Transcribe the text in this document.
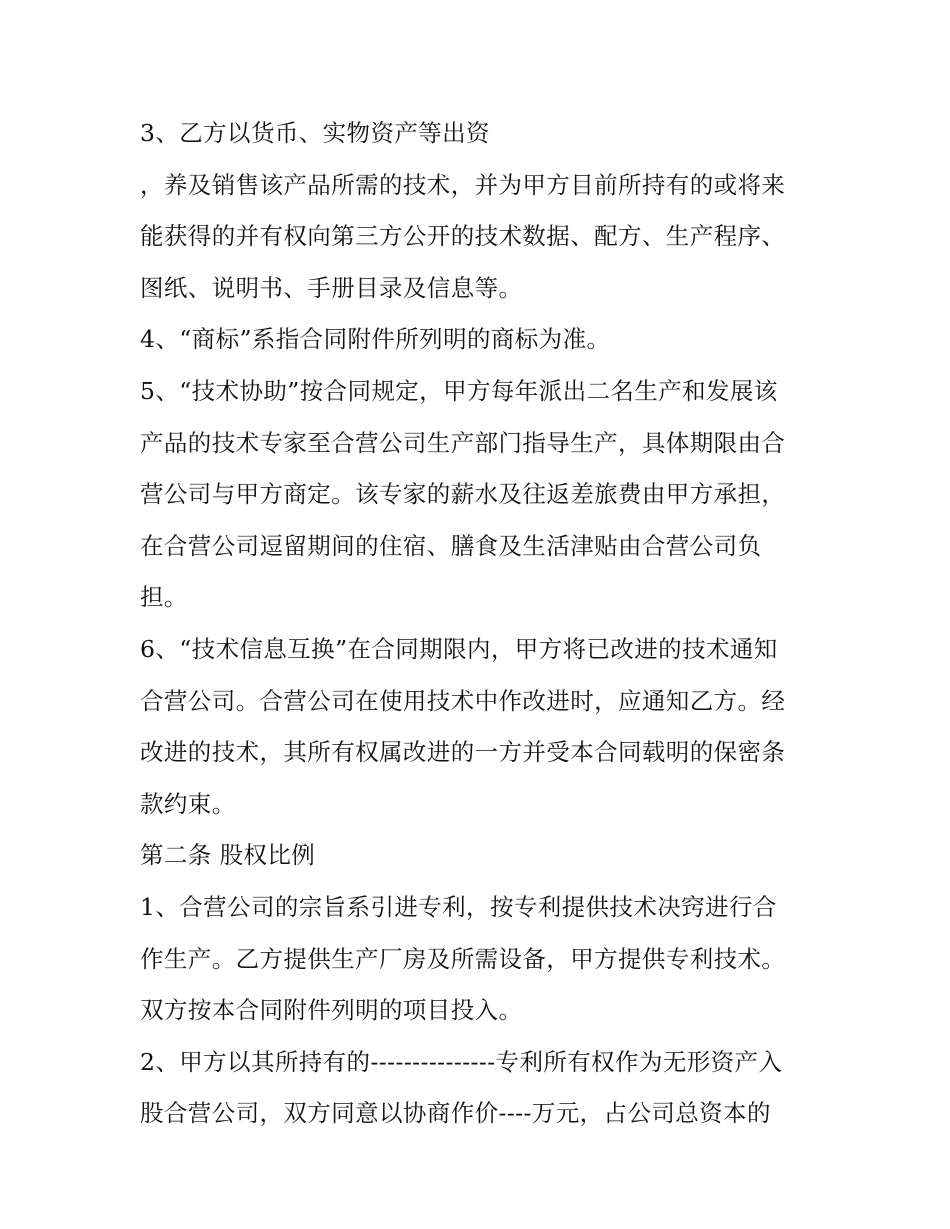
3、乙方以货币、实物资产等出资
，养及销售该产品所需的技术，并为甲方目前所持有的或将来
能获得的并有权向第三方公开的技术数据、配方、生产程序、
图纸、说明书、手册目录及信息等。
4、“商标”系指合同附件所列明的商标为准。
5、“技术协助”按合同规定，甲方每年派出二名生产和发展该
产品的技术专家至合营公司生产部门指导生产，具体期限由合
营公司与甲方商定。该专家的薪水及往返差旅费由甲方承担，
在合营公司逗留期间的住宿、膳食及生活津贴由合营公司负
担。
6、“技术信息互换”在合同期限内，甲方将已改进的技术通知
合营公司。合营公司在使用技术中作改进时，应通知乙方。经
改进的技术，其所有权属改进的一方并受本合同载明的保密条
款约束。
第二条 股权比例
1、合营公司的宗旨系引进专利，按专利提供技术决窍进行合
作生产。乙方提供生产厂房及所需设备，甲方提供专利技术。
双方按本合同附件列明的项目投入。
2、甲方以其所持有的---------------专利所有权作为无形资产入
股合营公司，双方同意以协商作价----万元，占公司总资本的
